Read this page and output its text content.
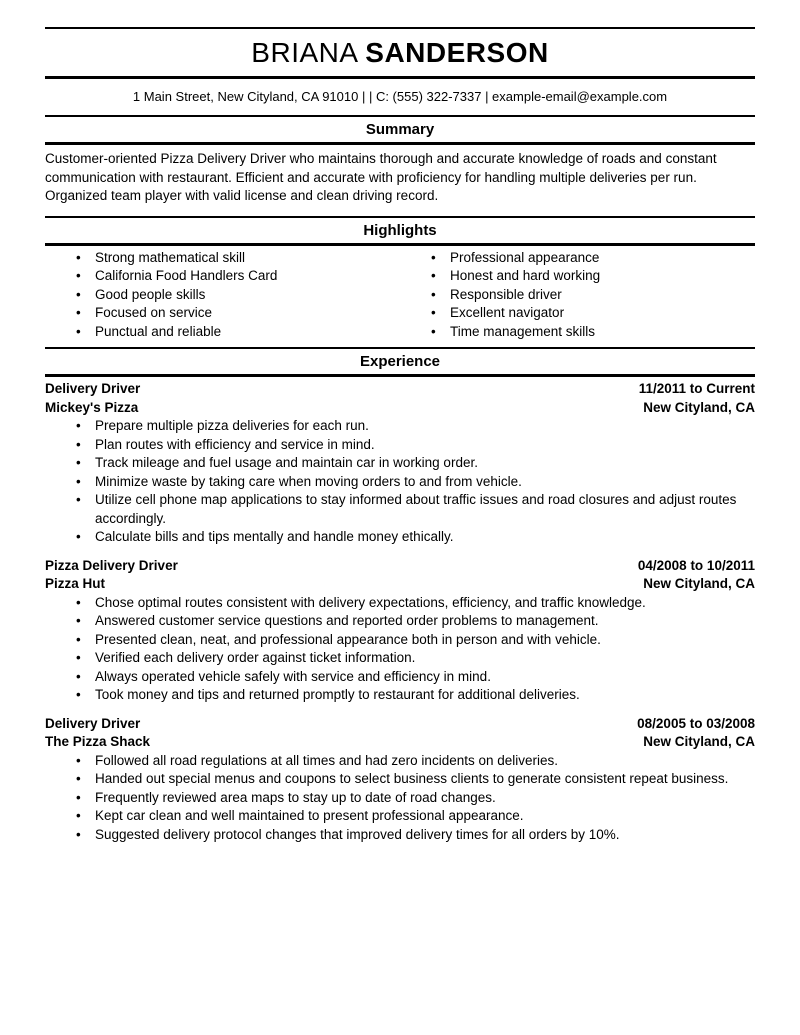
BRIANA SANDERSON
1 Main Street, New Cityland, CA 91010 | | C: (555) 322-7337 | example-email@example.com
Summary

Customer-oriented Pizza Delivery Driver who maintains thorough and accurate knowledge of roads and constant communication with restaurant. Efficient and accurate with proficiency for handling multiple deliveries per run. Organized team player with valid license and clean driving record.

Highlights
• Strong mathematical skill
• California Food Handlers Card
• Good people skills
• Focused on service
• Punctual and reliable
• Professional appearance
• Honest and hard working
• Responsible driver
• Excellent navigator
• Time management skills
Experience
Delivery Driver	11/2011 to Current
Mickey's Pizza	New Cityland, CA
• Prepare multiple pizza deliveries for each run.
• Plan routes with efficiency and service in mind.
• Track mileage and fuel usage and maintain car in working order.
• Minimize waste by taking care when moving orders to and from vehicle.
• Utilize cell phone map applications to stay informed about traffic issues and road closures and adjust routes accordingly.
• Calculate bills and tips mentally and handle money ethically.
Pizza Delivery Driver	04/2008 to 10/2011
Pizza Hut	New Cityland, CA
• Chose optimal routes consistent with delivery expectations, efficiency, and traffic knowledge.
• Answered customer service questions and reported order problems to management.
• Presented clean, neat, and professional appearance both in person and with vehicle.
• Verified each delivery order against ticket information.
• Always operated vehicle safely with service and efficiency in mind.
• Took money and tips and returned promptly to restaurant for additional deliveries.
Delivery Driver	08/2005 to 03/2008
The Pizza Shack	New Cityland, CA
• Followed all road regulations at all times and had zero incidents on deliveries.
• Handed out special menus and coupons to select business clients to generate consistent repeat business.
• Frequently reviewed area maps to stay up to date of road changes.
• Kept car clean and well maintained to present professional appearance.
• Suggested delivery protocol changes that improved delivery times for all orders by 10%.
